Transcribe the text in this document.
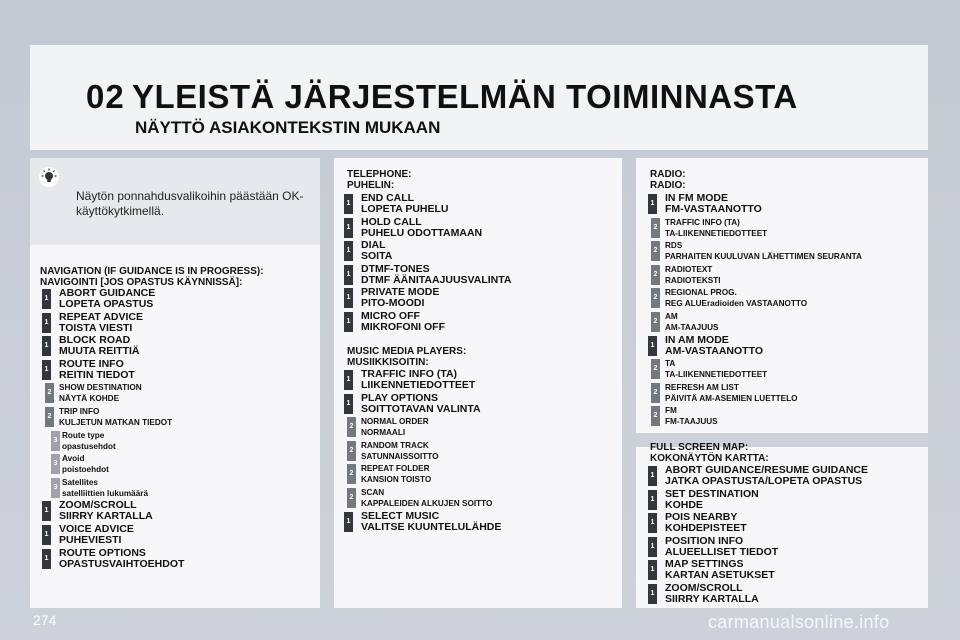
02 YLEISTÄ JÄRJESTELMÄN TOIMINNASTA
NÄYTTÖ ASIAKONTEKSTIN MUKAAN
Näytön ponnahdusvalikoihin päästään OK-käyttökytkimellä.
NAVIGATION (IF GUIDANCE IS IN PROGRESS):
NAVIGOINTI [JOS OPASTUS KÄYNNISSÄ]:
1 ABORT GUIDANCE
LOPETA OPASTUS
1 REPEAT ADVICE
TOISTA VIESTI
1 BLOCK ROAD
MUUTA REITTIÄ
1 ROUTE INFO
REITIN TIEDOT
2
SHOW DESTINATION
NÄYTÄ KOHDE
2
TRIP INFO
KULJETUN MATKAN TIEDOT
3
Route type
opastusehdot
3
Avoid
poistoehdot
3
Satellites
satelliittien lukumäärä
1 ZOOM/SCROLL
SIIRRY KARTALLA
1 VOICE ADVICE
PUHEVIESTI
1 ROUTE OPTIONS
OPASTUSVAIHTOEHDOT
TELEPHONE:
PUHELIN:
1 END CALL
LOPETA PUHELU
1 HOLD CALL
PUHELU ODOTTAMAAN
1 DIAL
SOITA
1 DTMF-TONES
DTMF ÄÄNITAAJUUSVALINTA
1 PRIVATE MODE
PITO-MOODI
1 MICRO OFF
MIKROFONI OFF
MUSIC MEDIA PLAYERS:
MUSIIKKISOITIN:
1 TRAFFIC INFO (TA)
LIIKENNETIEDOTTEET
1 PLAY OPTIONS
SOITTOTAVAN VALINTA
2
NORMAL ORDER
NORMAALI
2
RANDOM TRACK
SATUNNAISSOITTO
2
REPEAT FOLDER
KANSION TOISTO
2
SCAN
KAPPALEIDEN ALKUJEN SOITTO
1 SELECT MUSIC
VALITSE KUUNTELULÄHDE
RADIO:
RADIO:
1 IN FM MODE
FM-VASTAANOTTO
2
TRAFFIC INFO (TA)
TA-LIIKENNETIEDOTTEET
2
RDS
PARHAITEN KUULUVAN LÄHETTIMEN SEURANTA
2
RADIOTEXT
RADIOTEKSTI
2
REGIONAL PROG.
REG ALUEradioiden VASTAANOTTO
2
AM
AM-TAAJUUS
1 IN AM MODE
AM-VASTAANOTTO
2
TA
TA-LIIKENNETIEDOTTEET
2
REFRESH AM LIST
PÄIVITÄ AM-ASEMIEN LUETTELO
2
FM
FM-TAAJUUS
FULL SCREEN MAP:
KOKONÄYTÖN KARTTA:
1 ABORT GUIDANCE/RESUME GUIDANCE
JATKA OPASTUSTA/LOPETA OPASTUS
1 SET DESTINATION
KOHDE
1 POIS NEARBY
KOHDEPISTEET
1 POSITION INFO
ALUEELLISET TIEDOT
1 MAP SETTINGS
KARTAN ASETUKSET
1 ZOOM/SCROLL
SIIRRY KARTALLA
274	carmanualsonline.info
